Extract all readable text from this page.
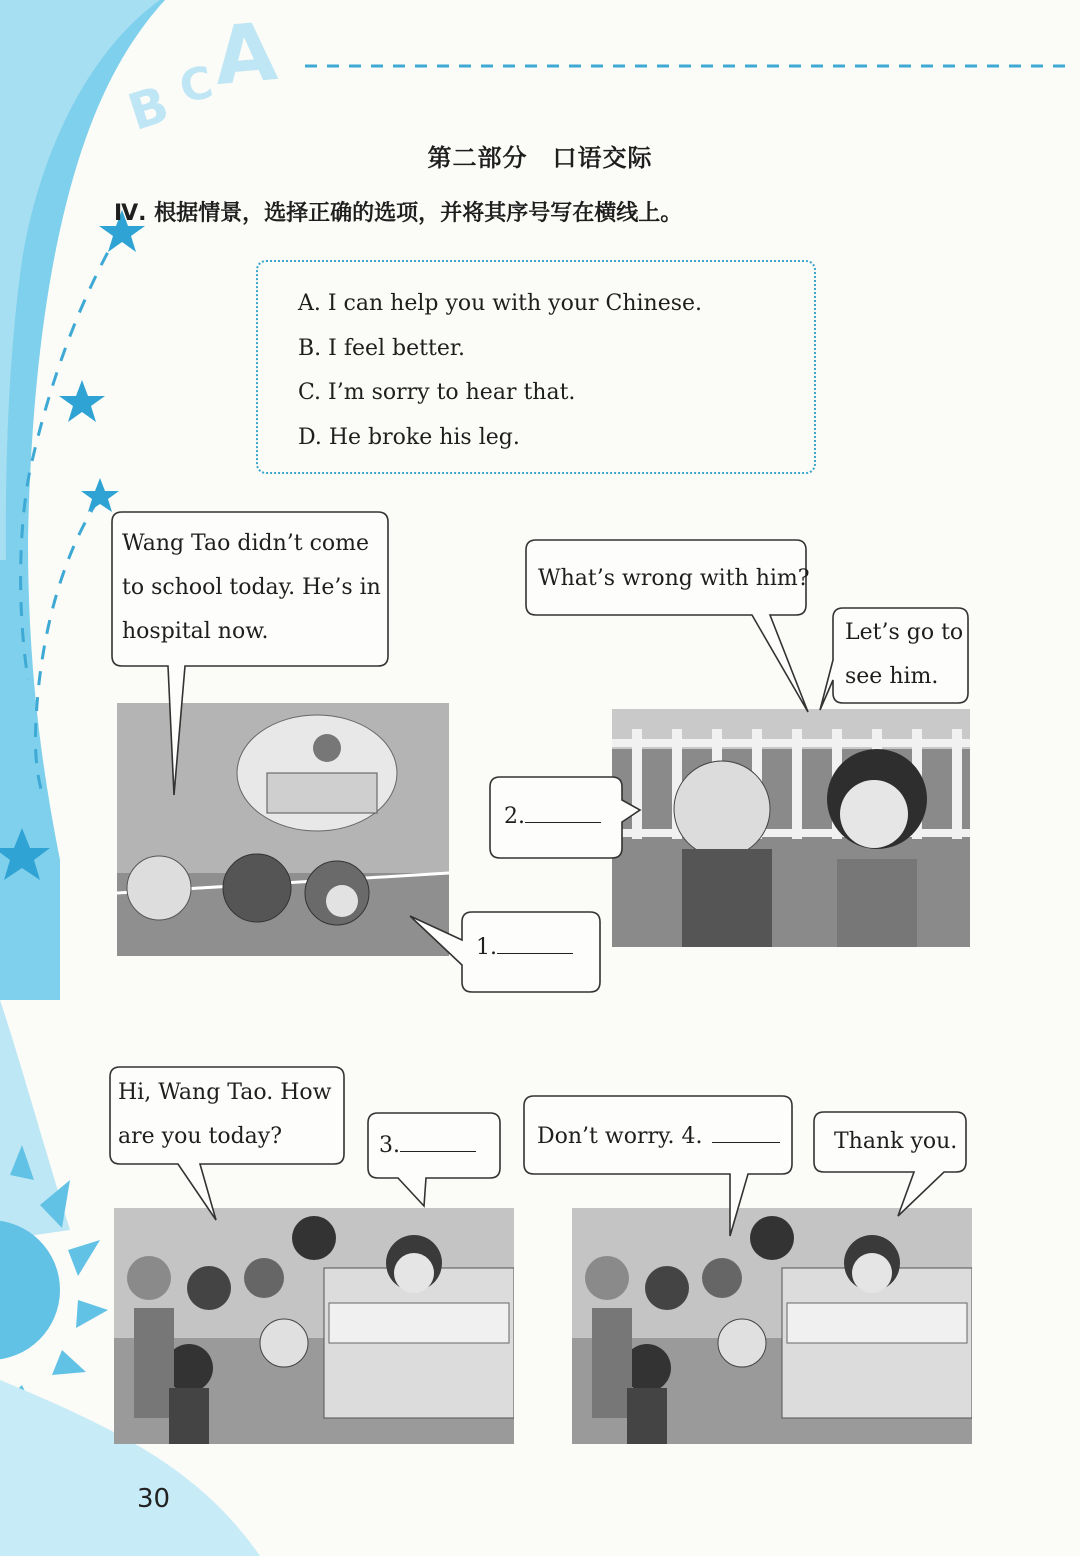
B C
A
第二部分　口语交际
Ⅳ. 根据情景，选择正确的选项，并将其序号写在横线上。
A. I can help you with your Chinese.
B. I feel better.
C. I’m sorry to hear that.
D. He broke his leg.
Wang Tao didn’t come
to school today. He’s in
hospital now.
What’s wrong with him?
Let’s go to
see him.
2.
1.
Hi, Wang Tao. How
are you today?	3.	Don’t worry. 4.	Thank you.
30
